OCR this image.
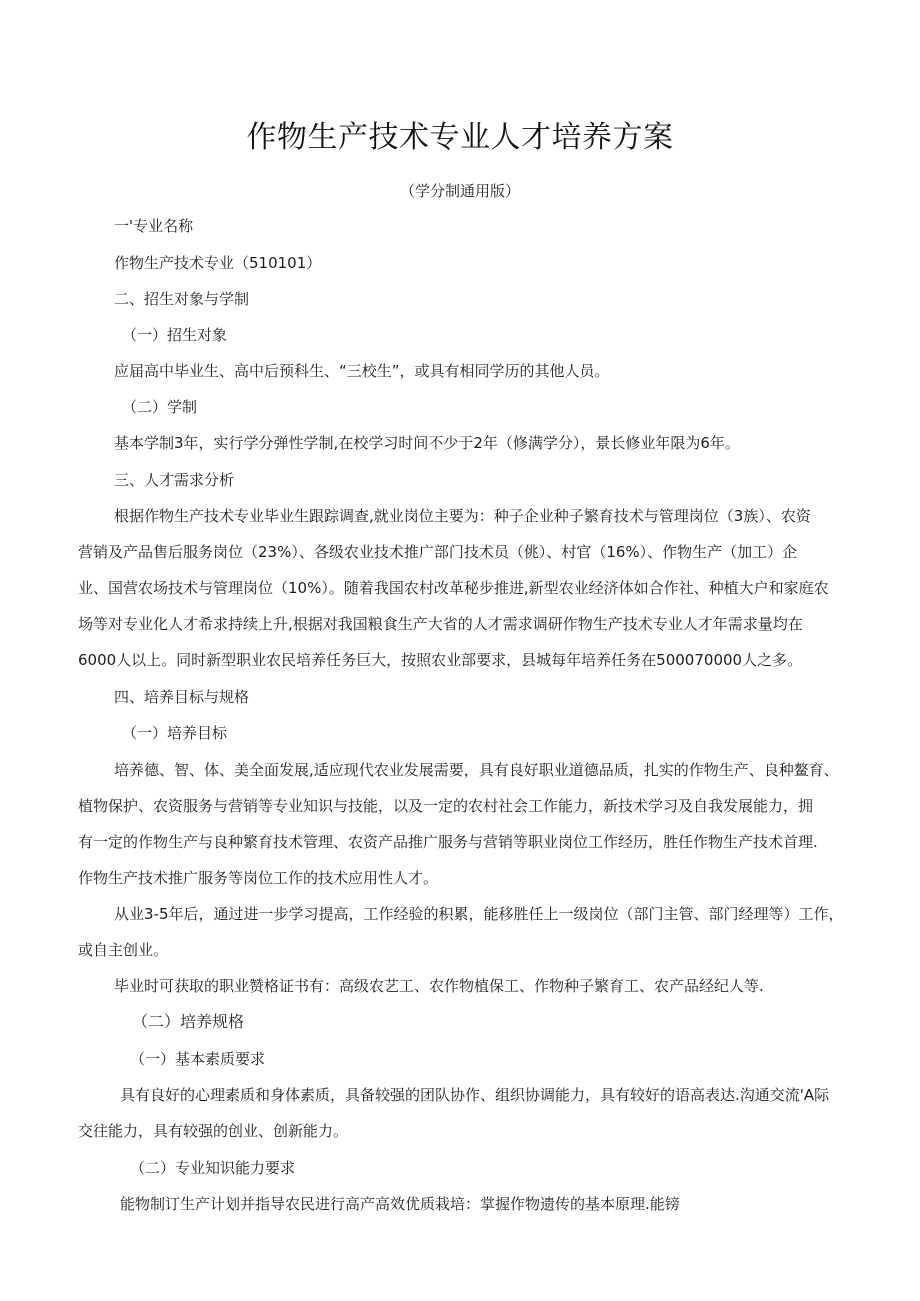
作物生产技术专业人才培养方案

（学分制通用版）

一'专业名称

作物生产技术专业（510101）

二、招生对象与学制

（一）招生对象

应届高中毕业生、高中后预科生、“三校生”，或具有相同学历的其他人员。

（二）学制

基本学制3年，实行学分弹性学制,在校学习时间不少于2年（修满学分），景长修业年限为6年。

三、人才需求分析

根据作物生产技术专业毕业生跟踪调查,就业岗位主要为：种子企业种子繁育技术与管理岗位（3族）、农资

营销及产品售后服务岗位（23%）、各级农业技术推广部门技术员（佻）、村官（16%）、作物生产（加工）企

业、国营农场技术与管理岗位（10%）。随着我国农村改革秘步推进,新型农业经济体如合作社、种植大户和家庭农

场等对专业化人才希求持续上升,根据对我国粮食生产大省的人才需求调研作物生产技术专业人才年需求量均在

6000人以上。同时新型职业农民培养任务巨大，按照农业部要求，县城每年培养任务在500070000人之多。

四、培养目标与规格

（一）培养目标

培养德、智、体、美全面发展,适应现代农业发展需要，具有良好职业道德品质，扎实的作物生产、良种鳌育、

植物保护、农资服务与营销等专业知识与技能，以及一定的农村社会工作能力，新技术学习及自我发展能力，拥

有一定的作物生产与良种繁育技术管理、农资产品推广服务与营销等职业岗位工作经历，胜任作物生产技术首理.

作物生产技术推广服务等岗位工作的技术应用性人才。

从业3-5年后，通过进一步学习提高，工作经验的积累，能移胜任上一级岗位（部门主管、部门经理等）工作，

或自主创业。

毕业时可获取的职业赞格证书有：高级农艺工、农作物植保工、作物种子繁育工、农产品经纪人等.

（二）培养规格

（一）基本素质要求

具有良好的心理素质和身体素质，具备较强的团队协作、组织协调能力，具有较好的语高表达.沟通交流'A际

交往能力，具有较强的创业、创新能力。

（二）专业知识能力要求

能物制订生产计划并指导农民进行高产高效优质栽培：掌握作物遗传的基本原理.能镑
